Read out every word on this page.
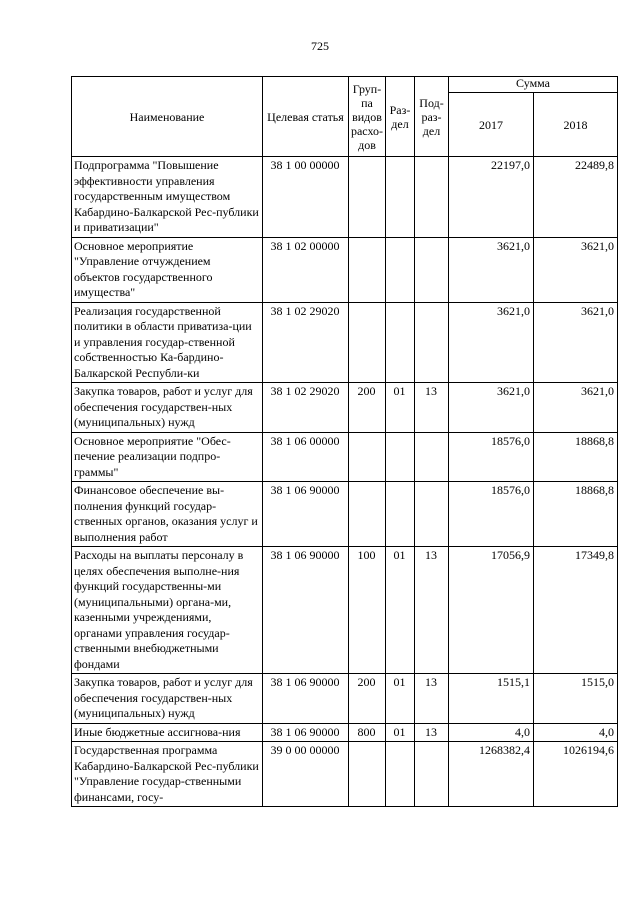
725
Наименование	Целевая статья	Груп-па видов расхо-дов	Раз-дел	Под-раз-дел	Сумма	
					2017	2018
Подпрограмма "Повышение эффективности управления государственным имуществом Кабардино-Балкарской Рес-публики и приватизации"	38 1 00 00000				22197,0	22489,8
Основное мероприятие "Управление отчуждением объектов государственного имущества"	38 1 02 00000				3621,0	3621,0
Реализация государственной политики в области приватиза-ции и управления государ-ственной собственностью Ка-бардино-Балкарской Республи-ки	38 1 02 29020				3621,0	3621,0
Закупка товаров, работ и услуг для обеспечения государствен-ных (муниципальных) нужд	38 1 02 29020	200	01	13	3621,0	3621,0
Основное мероприятие "Обес-печение реализации подпро-граммы"	38 1 06 00000				18576,0	18868,8
Финансовое обеспечение вы-полнения функций государ-ственных органов, оказания услуг и выполнения работ	38 1 06 90000				18576,0	18868,8
Расходы на выплаты персоналу в целях обеспечения выполне-ния функций государственны-ми (муниципальными) органа-ми, казенными учреждениями, органами управления государ-ственными внебюджетными фондами	38 1 06 90000	100	01	13	17056,9	17349,8
Закупка товаров, работ и услуг для обеспечения государствен-ных (муниципальных) нужд	38 1 06 90000	200	01	13	1515,1	1515,0
Иные бюджетные ассигнова-ния	38 1 06 90000	800	01	13	4,0	4,0
Государственная программа Кабардино-Балкарской Рес-публики "Управление государ-ственными финансами, госу-	39 0 00 00000				1268382,4	1026194,6
